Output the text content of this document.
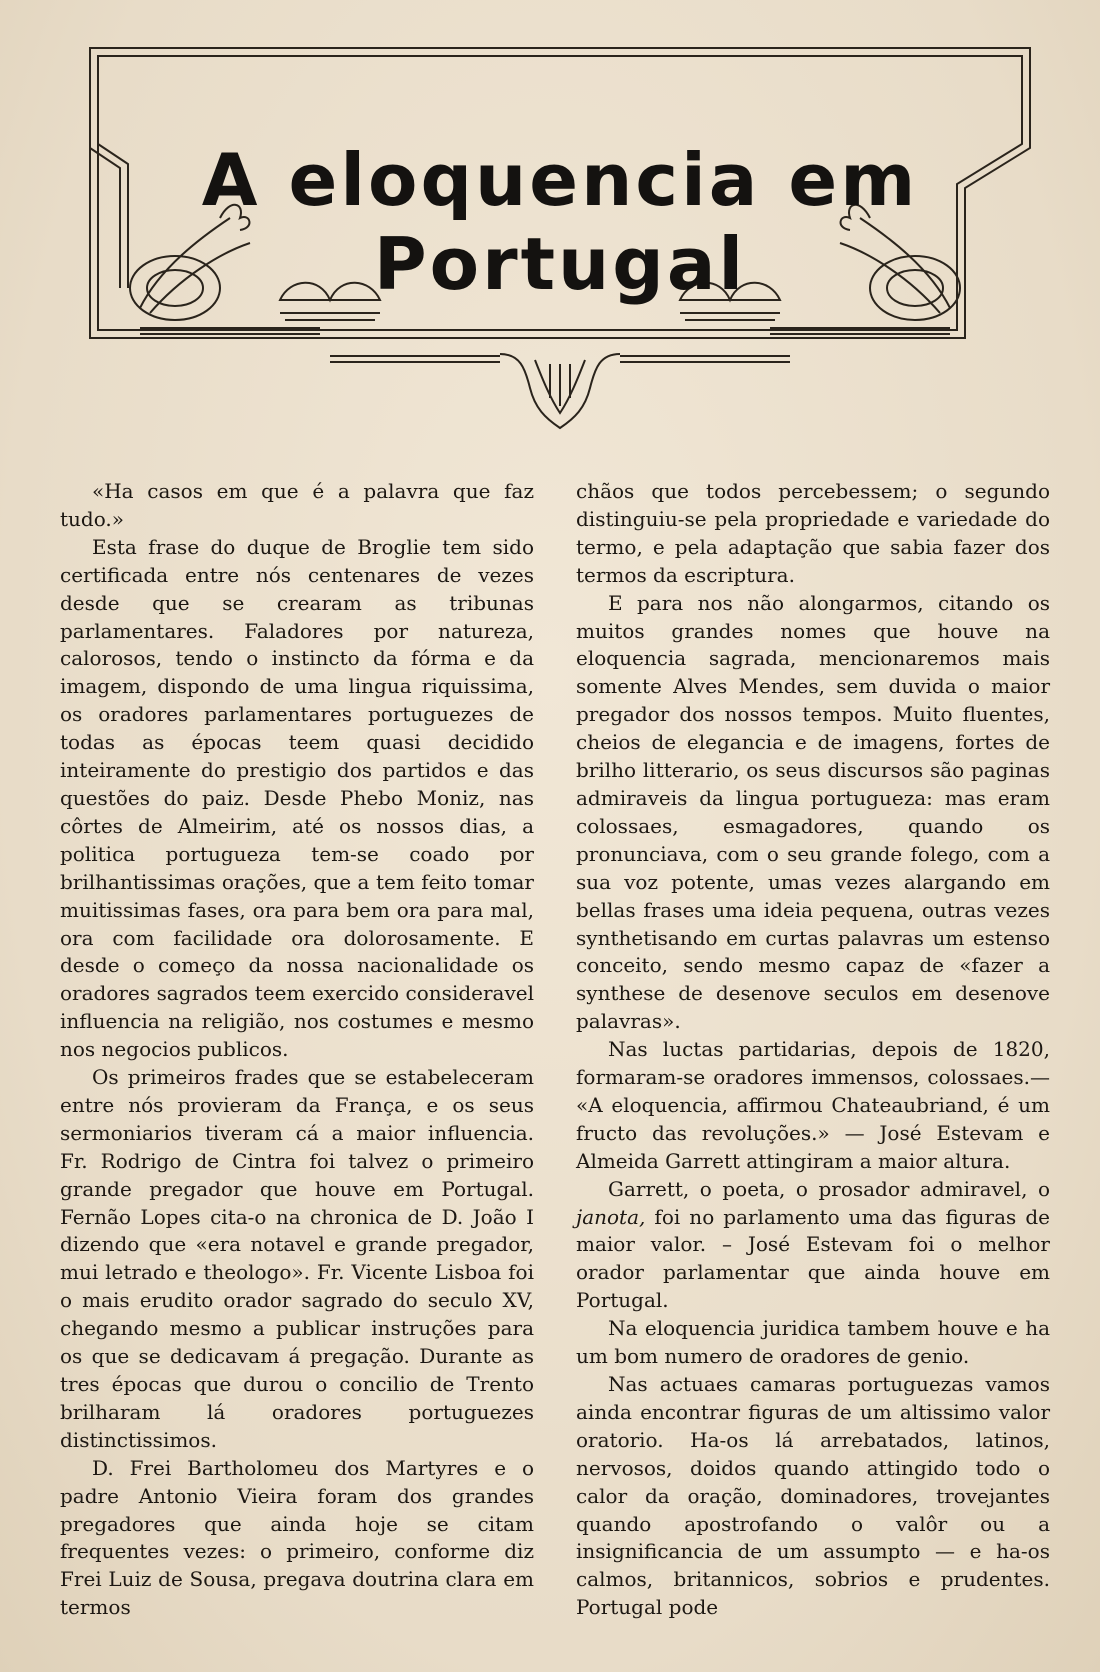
A eloquencia em Portugal

«Ha casos em que é a palavra que faz tudo.»

Esta frase do duque de Broglie tem sido certificada entre nós centenares de vezes desde que se crearam as tribunas parlamentares. Faladores por natureza, calorosos, tendo o instincto da fórma e da imagem, dispondo de uma lingua riquissima, os oradores parlamentares portuguezes de todas as épocas teem quasi decidido inteiramente do prestigio dos partidos e das questões do paiz. Desde Phebo Moniz, nas côrtes de Almeirim, até os nossos dias, a politica portugueza tem-se coado por brilhantissimas orações, que a tem feito tomar muitissimas fases, ora para bem ora para mal, ora com facilidade ora dolorosamente. E desde o começo da nossa nacionalidade os oradores sagrados teem exercido consideravel influencia na religião, nos costumes e mesmo nos negocios publicos.

Os primeiros frades que se estabeleceram entre nós provieram da França, e os seus sermoniarios tiveram cá a maior influencia. Fr. Rodrigo de Cintra foi talvez o primeiro grande pregador que houve em Portugal. Fernão Lopes cita-o na chronica de D. João I dizendo que «era notavel e grande pregador, mui letrado e theologo». Fr. Vicente Lisboa foi o mais erudito orador sagrado do seculo XV, chegando mesmo a publicar instruções para os que se dedicavam á pregação. Durante as tres épocas que durou o concilio de Trento brilharam lá oradores portuguezes distinctissimos.

D. Frei Bartholomeu dos Martyres e o padre Antonio Vieira foram dos grandes pregadores que ainda hoje se citam frequentes vezes: o primeiro, conforme diz Frei Luiz de Sousa, pregava doutrina clara em termos

chãos que todos percebessem; o segundo distinguiu-se pela propriedade e variedade do termo, e pela adaptação que sabia fazer dos termos da escriptura.

E para nos não alongarmos, citando os muitos grandes nomes que houve na eloquencia sagrada, mencionaremos mais somente Alves Mendes, sem duvida o maior pregador dos nossos tempos. Muito fluentes, cheios de elegancia e de imagens, fortes de brilho litterario, os seus discursos são paginas admiraveis da lingua portugueza: mas eram colossaes, esmagadores, quando os pronunciava, com o seu grande folego, com a sua voz potente, umas vezes alargando em bellas frases uma ideia pequena, outras vezes synthetisando em curtas palavras um estenso conceito, sendo mesmo capaz de «fazer a synthese de desenove seculos em desenove palavras».

Nas luctas partidarias, depois de 1820, formaram-se oradores immensos, colossaes.— «A eloquencia, affirmou Chateaubriand, é um fructo das revoluções.» — José Estevam e Almeida Garrett attingiram a maior altura.

Garrett, o poeta, o prosador admiravel, o janota, foi no parlamento uma das figuras de maior valor. – José Estevam foi o melhor orador parlamentar que ainda houve em Portugal.

Na eloquencia juridica tambem houve e ha um bom numero de oradores de genio.

Nas actuaes camaras portuguezas vamos ainda encontrar figuras de um altissimo valor oratorio. Ha-os lá arrebatados, latinos, nervosos, doidos quando attingido todo o calor da oração, dominadores, trovejantes quando apostrofando o valôr ou a insignificancia de um assumpto — e ha-os calmos, britannicos, sobrios e prudentes. Portugal pode
